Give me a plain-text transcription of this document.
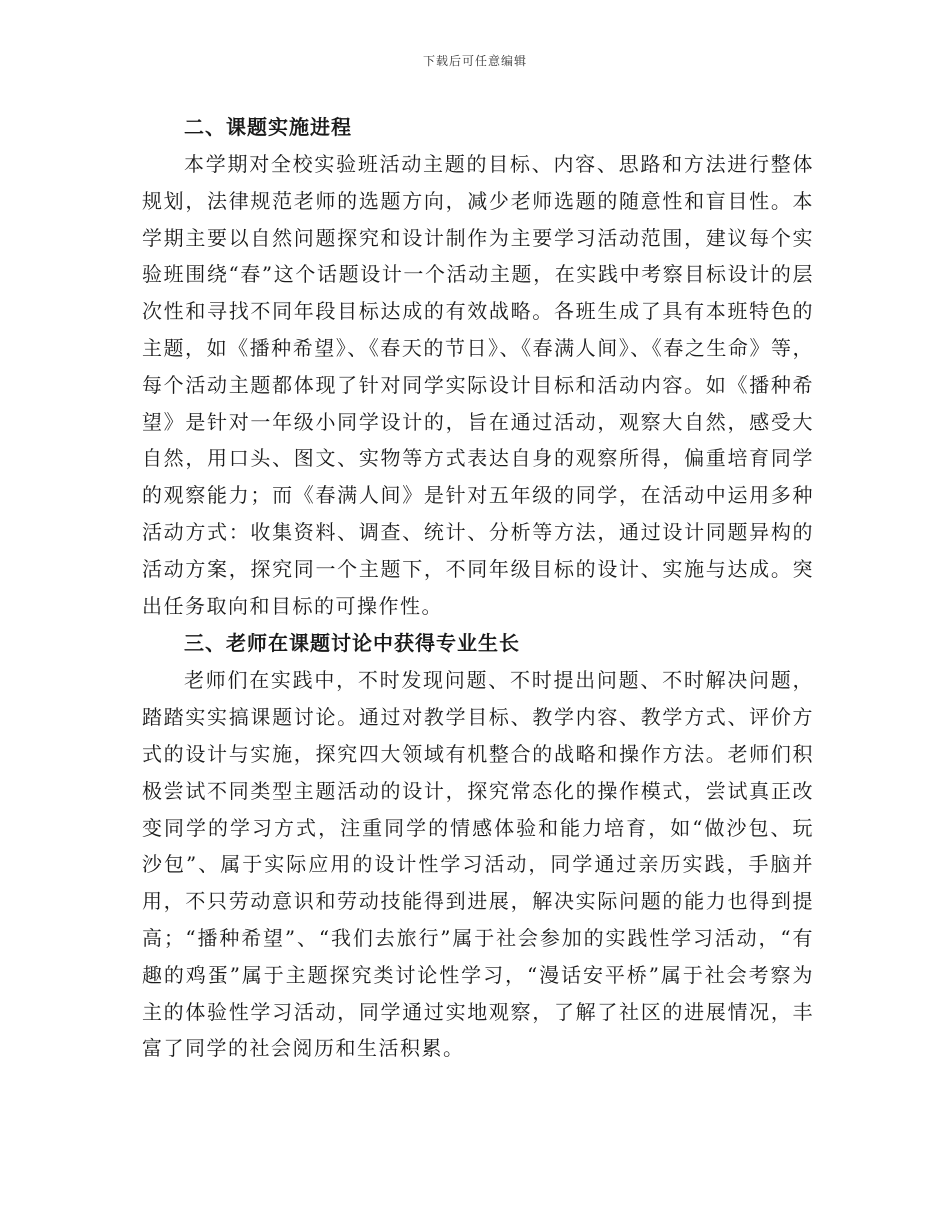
下载后可任意编辑
二、课题实施进程

本学期对全校实验班活动主题的目标、内容、思路和方法进行整体规划，法律规范老师的选题方向，减少老师选题的随意性和盲目性。本学期主要以自然问题探究和设计制作为主要学习活动范围，建议每个实验班围绕“春”这个话题设计一个活动主题，在实践中考察目标设计的层次性和寻找不同年段目标达成的有效战略。各班生成了具有本班特色的主题，如《播种希望》、《春天的节日》、《春满人间》、《春之生命》等，每个活动主题都体现了针对同学实际设计目标和活动内容。如《播种希望》是针对一年级小同学设计的，旨在通过活动，观察大自然，感受大自然，用口头、图文、实物等方式表达自身的观察所得，偏重培育同学的观察能力；而《春满人间》是针对五年级的同学，在活动中运用多种活动方式：收集资料、调查、统计、分析等方法，通过设计同题异构的活动方案，探究同一个主题下，不同年级目标的设计、实施与达成。突出任务取向和目标的可操作性。

三、老师在课题讨论中获得专业生长

老师们在实践中，不时发现问题、不时提出问题、不时解决问题，踏踏实实搞课题讨论。通过对教学目标、教学内容、教学方式、评价方式的设计与实施，探究四大领域有机整合的战略和操作方法。老师们积极尝试不同类型主题活动的设计，探究常态化的操作模式，尝试真正改变同学的学习方式，注重同学的情感体验和能力培育，如“做沙包、玩沙包”、属于实际应用的设计性学习活动，同学通过亲历实践，手脑并用，不只劳动意识和劳动技能得到进展，解决实际问题的能力也得到提高；“播种希望”、“我们去旅行”属于社会参加的实践性学习活动，“有趣的鸡蛋”属于主题探究类讨论性学习，“漫话安平桥”属于社会考察为主的体验性学习活动，同学通过实地观察，了解了社区的进展情况，丰富了同学的社会阅历和生活积累。
